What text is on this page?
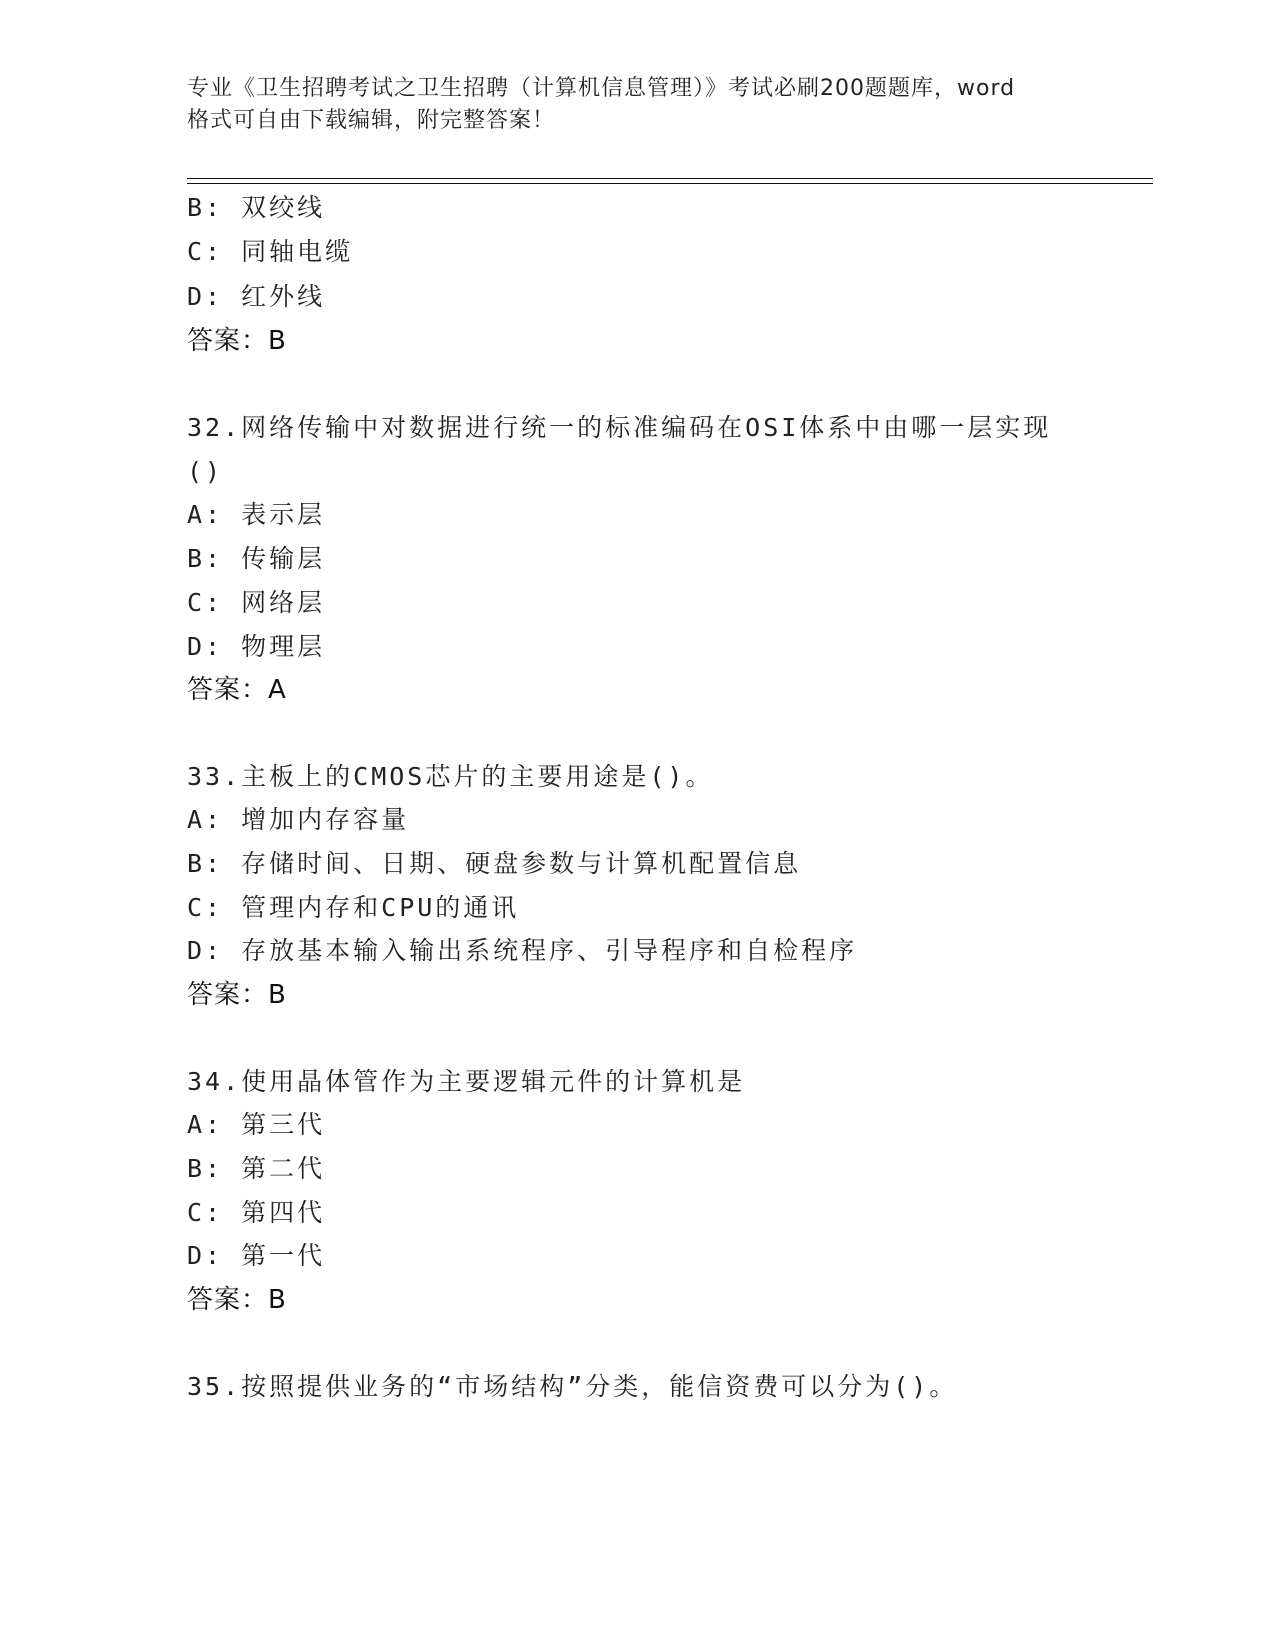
专业《卫生招聘考试之卫生招聘（计算机信息管理）》考试必刷200题题库，word
格式可自由下载编辑，附完整答案！
B: 双绞线
C: 同轴电缆
D: 红外线
答案：B
32.网络传输中对数据进行统一的标准编码在OSI体系中由哪一层实现
()
A: 表示层
B: 传输层
C: 网络层
D: 物理层
答案：A
33.主板上的CMOS芯片的主要用途是()。
A: 增加内存容量
B: 存储时间、日期、硬盘参数与计算机配置信息
C: 管理内存和CPU的通讯
D: 存放基本输入输出系统程序、引导程序和自检程序
答案：B
34.使用晶体管作为主要逻辑元件的计算机是
A: 第三代
B: 第二代
C: 第四代
D: 第一代
答案：B
35.按照提供业务的“市场结构”分类，能信资费可以分为()。
